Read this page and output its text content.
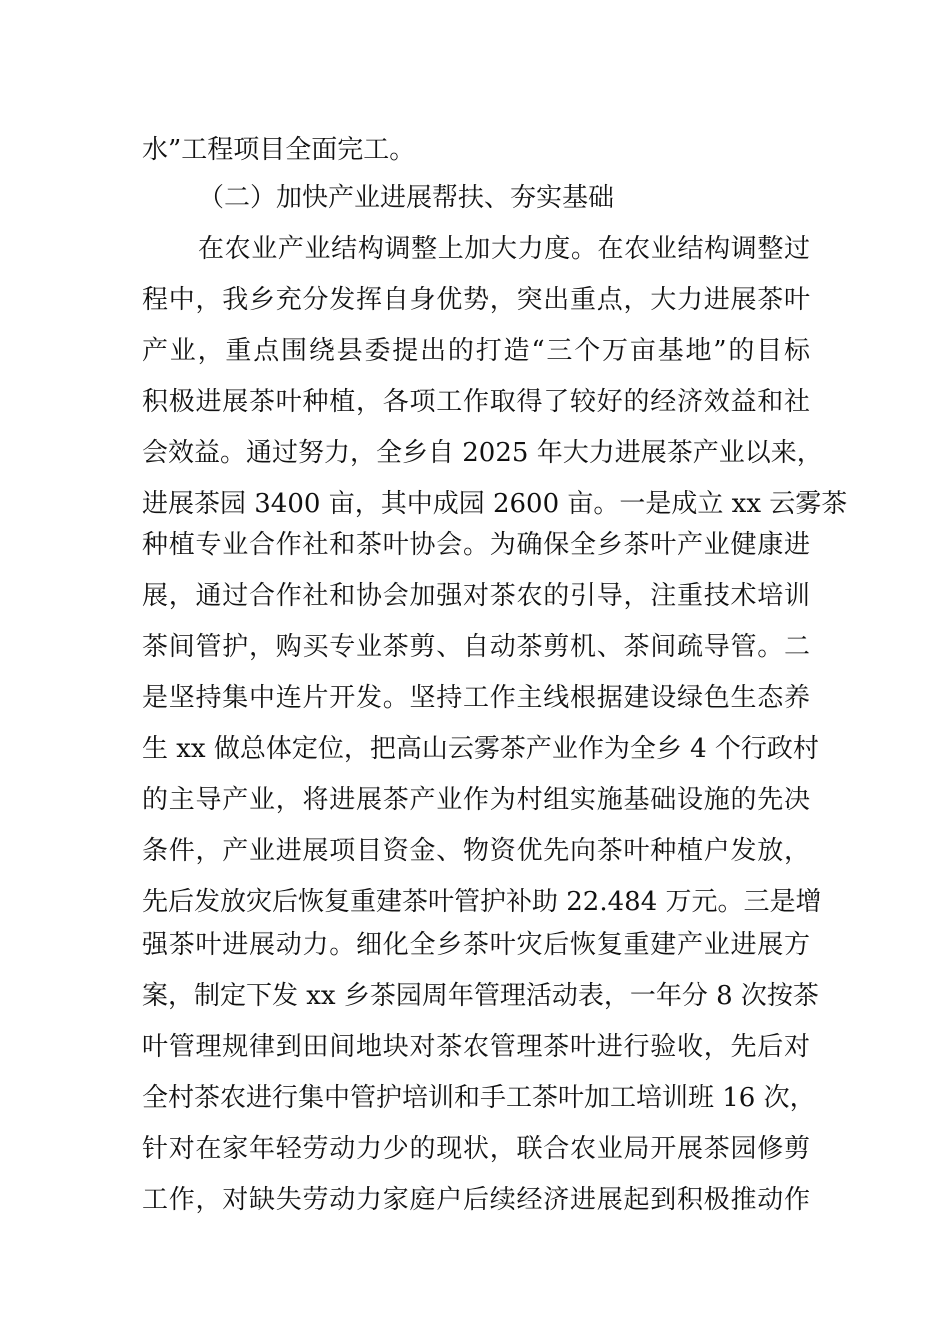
水”工程项目全面完工。
（二）加快产业进展帮扶、夯实基础
在农业产业结构调整上加大力度。在农业结构调整过
程中，我乡充分发挥自身优势，突出重点，大力进展茶叶
产业，重点围绕县委提出的打造“三个万亩基地”的目标
积极进展茶叶种植，各项工作取得了较好的经济效益和社
会效益。通过努力，全乡自 2025 年大力进展茶产业以来，
进展茶园 3400 亩，其中成园 2600 亩。一是成立 xx 云雾茶
种植专业合作社和茶叶协会。为确保全乡茶叶产业健康进
展，通过合作社和协会加强对茶农的引导，注重技术培训
茶间管护，购买专业茶剪、自动茶剪机、茶间疏导管。二
是坚持集中连片开发。坚持工作主线根据建设绿色生态养
生 xx 做总体定位，把高山云雾茶产业作为全乡 4 个行政村
的主导产业，将进展茶产业作为村组实施基础设施的先决
条件，产业进展项目资金、物资优先向茶叶种植户发放，
先后发放灾后恢复重建茶叶管护补助 22.484 万元。三是增
强茶叶进展动力。细化全乡茶叶灾后恢复重建产业进展方
案，制定下发 xx 乡茶园周年管理活动表，一年分 8 次按茶
叶管理规律到田间地块对茶农管理茶叶进行验收，先后对
全村茶农进行集中管护培训和手工茶叶加工培训班 16 次，
针对在家年轻劳动力少的现状，联合农业局开展茶园修剪
工作，对缺失劳动力家庭户后续经济进展起到积极推动作
